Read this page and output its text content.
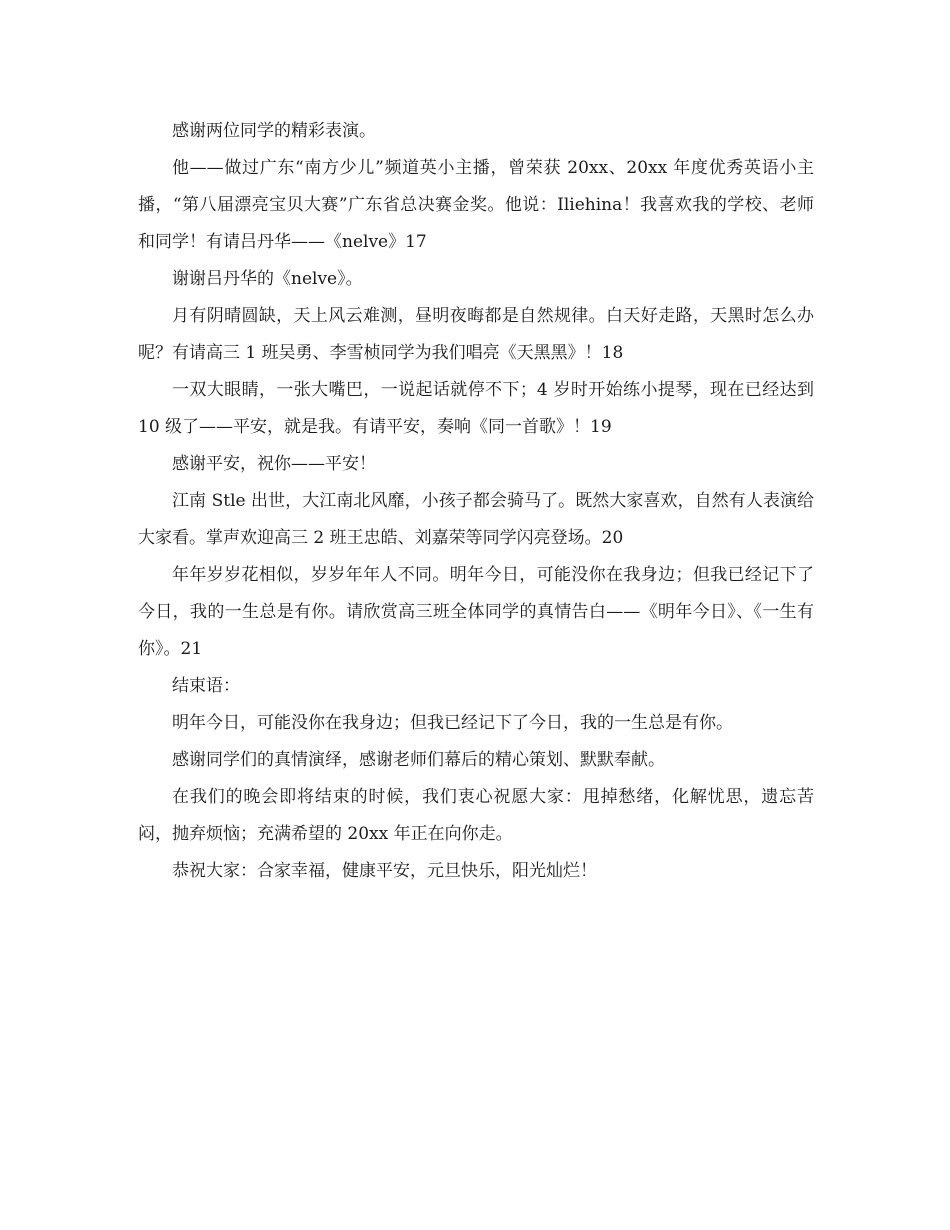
感谢两位同学的精彩表演。

他——做过广东“南方少儿”频道英小主播，曾荣获 20xx、20xx 年度优秀英语小主播，“第八届漂亮宝贝大赛”广东省总决赛金奖。他说：Iliehina！我喜欢我的学校、老师和同学！有请吕丹华——《nelve》17

谢谢吕丹华的《nelve》。

月有阴晴圆缺，天上风云难测，昼明夜晦都是自然规律。白天好走路，天黑时怎么办呢？有请高三 1 班吴勇、李雪桢同学为我们唱亮《天黑黑》！18

一双大眼睛，一张大嘴巴，一说起话就停不下；4 岁时开始练小提琴，现在已经达到 10 级了——平安，就是我。有请平安，奏响《同一首歌》！19

感谢平安，祝你——平安！

江南 Stle 出世，大江南北风靡，小孩子都会骑马了。既然大家喜欢，自然有人表演给大家看。掌声欢迎高三 2 班王忠皓、刘嘉荣等同学闪亮登场。20

年年岁岁花相似，岁岁年年人不同。明年今日，可能没你在我身边；但我已经记下了今日，我的一生总是有你。请欣赏高三班全体同学的真情告白——《明年今日》、《一生有你》。21

结束语：

明年今日，可能没你在我身边；但我已经记下了今日，我的一生总是有你。

感谢同学们的真情演绎，感谢老师们幕后的精心策划、默默奉献。

在我们的晚会即将结束的时候，我们衷心祝愿大家：甩掉愁绪，化解忧思，遗忘苦闷，抛弃烦恼；充满希望的 20xx 年正在向你走。

恭祝大家：合家幸福，健康平安，元旦快乐，阳光灿烂！
